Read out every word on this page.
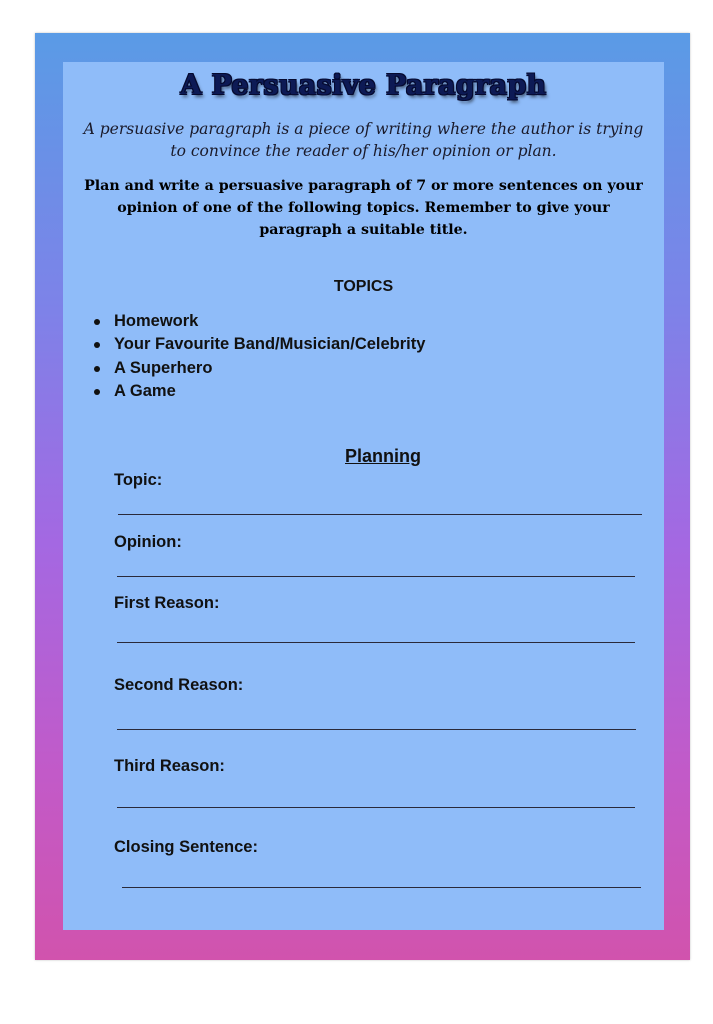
A Persuasive Paragraph
A persuasive paragraph is a piece of writing where the author is trying to convince the reader of his/her opinion or plan.
Plan and write a persuasive paragraph of 7 or more sentences on your opinion of one of the following topics. Remember to give your paragraph a suitable title.
TOPICS
Homework
Your Favourite Band/Musician/Celebrity
A Superhero
A Game
Planning
Topic:
Opinion:
First Reason:
Second Reason:
Third Reason:
Closing Sentence:
